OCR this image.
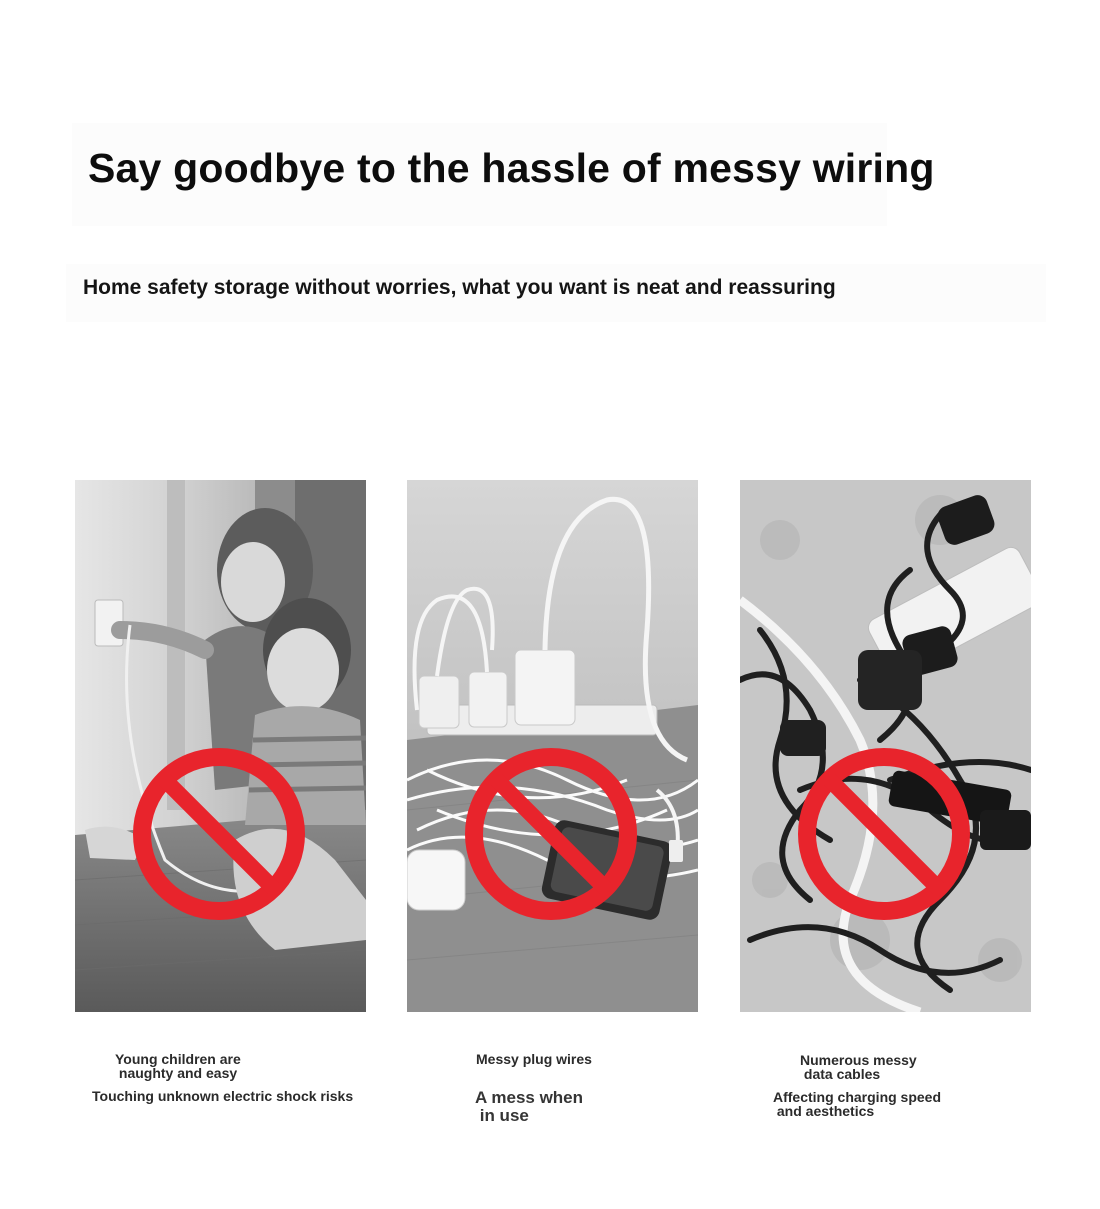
Say goodbye to the hassle of messy wiring
Home safety storage without worries, what you want is neat and reassuring
Young children are
naughty and easy
Touching unknown electric shock risks
Messy plug wires
A mess when
in use
Numerous messy
data cables
Affecting charging speed
and aesthetics
